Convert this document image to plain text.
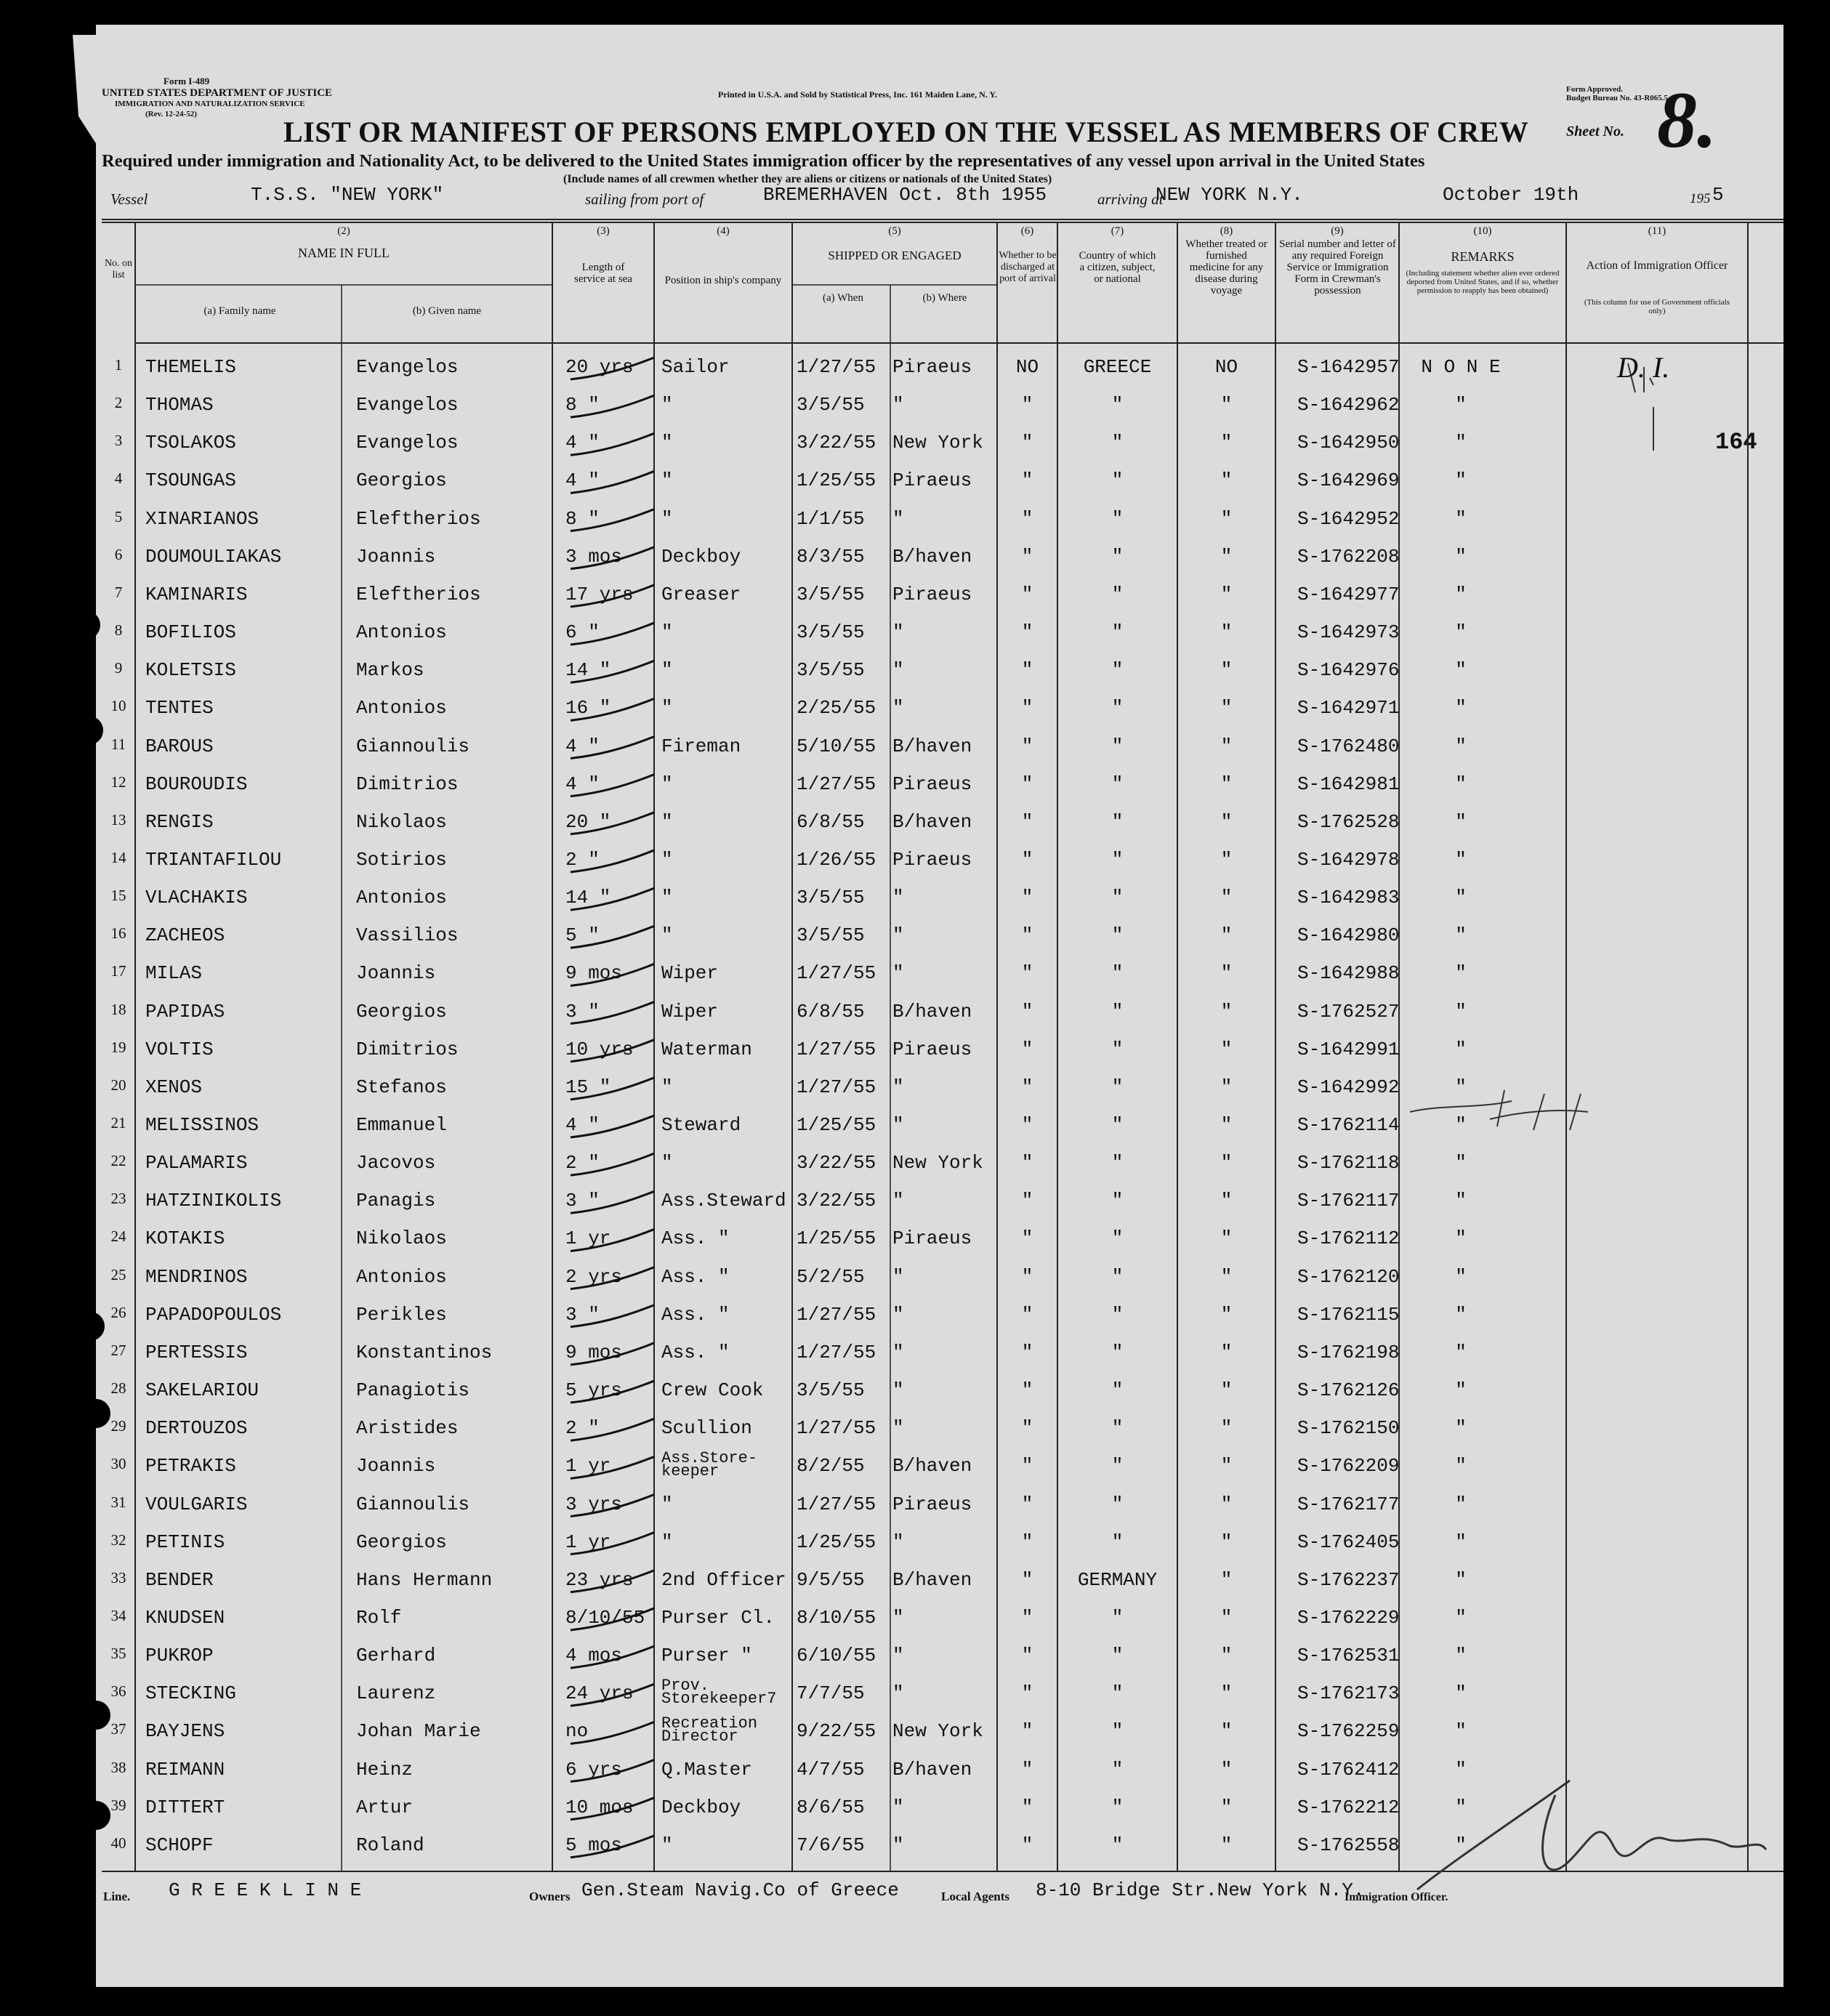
Form I-489
UNITED STATES DEPARTMENT OF JUSTICE
IMMIGRATION AND NATURALIZATION SERVICE
(Rev. 12-24-52)
Printed in U.S.A. and Sold by Statistical Press, Inc. 161 Maiden Lane, N. Y.	Form Approved.
Budget Bureau No. 43-R065.5.
Sheet No. 8.
LIST OR MANIFEST OF PERSONS EMPLOYED ON THE VESSEL AS MEMBERS OF CREW
Required under immigration and Nationality Act, to be delivered to the United States immigration officer by the representatives of any vessel upon arrival in the United States
(Include names of all crewmen whether they are aliens or citizens or nationals of the United States)
Vessel	T.S.S. "NEW YORK"	sailing from port of	BREMERHAVEN Oct. 8th 1955	arriving at
NEW YORK N.Y.	October 19th	195 5
164
No. on list
(2)
NAME IN FULL
(a) Family name	(b) Given name
(3)
Length of service at sea
(4)
Position in ship's company
(5)
SHIPPED OR ENGAGED
(a) When	(b) Where
(6)
Whether to be discharged at port of arrival
(7)
Country of which a citizen, subject, or national
(8)
Whether treated or furnished medicine for any disease during voyage
(9)
Serial number and letter of any required Foreign Service or Immigration Form in Crewman's possession
(10)
REMARKS
(Including statement whether alien ever ordered deported from United States, and if so, whether permission to reapply has been obtained)
(11)
Action of Immigration Officer
(This column for use of Government officials only)
1	THEMELIS	Evangelos	20 yrs Sailor	1/27/55 Piraeus	NO	GREECE	NO	S-1642957	N O N E	D. I.
2	THOMAS	Evangelos	8 "	"	3/5/55 "	"	"	"	S-1642962	"
3	TSOLAKOS	Evangelos	4 "	"	3/22/55 New York	"	"	"	S-1642950	"
4	TSOUNGAS	Georgios	4 "	"	1/25/55 Piraeus	"	"	"	S-1642969	"
5	XINARIANOS	Eleftherios	8 "	"	1/1/55 "	"	"	"	S-1642952	"
6	DOUMOULIAKAS	Joannis	3 mos Deckboy	8/3/55 B/haven	"	"	"	S-1762208	"
7	KAMINARIS	Eleftherios	17 yrs Greaser	3/5/55 Piraeus	"	"	"	S-1642977	"
8	BOFILIOS	Antonios	6 "	"	3/5/55 "	"	"	"	S-1642973	"
9	KOLETSIS	Markos	14 "	"	3/5/55 "	"	"	"	S-1642976	"
10	TENTES	Antonios	16 "	"	2/25/55 "	"	"	"	S-1642971	"
11	BAROUS	Giannoulis	4 "	Fireman	5/10/55 B/haven	"	"	"	S-1762480	"
12	BOUROUDIS	Dimitrios	4 "	"	1/27/55 Piraeus	"	"	"	S-1642981	"
13	RENGIS	Nikolaos	20 "	"	6/8/55 B/haven	"	"	"	S-1762528	"
14	TRIANTAFILOU	Sotirios	2 "	"	1/26/55 Piraeus	"	"	"	S-1642978	"
15	VLACHAKIS	Antonios	14 "	"	3/5/55 "	"	"	"	S-1642983	"
16	ZACHEOS	Vassilios	5 "	"	3/5/55 "	"	"	"	S-1642980	"
17	MILAS	Joannis	9 mos Wiper	1/27/55 "	"	"	"	S-1642988	"
18	PAPIDAS	Georgios	3 "	Wiper	6/8/55 B/haven	"	"	"	S-1762527	"
19	VOLTIS	Dimitrios	10 yrs Waterman 1/27/55 Piraeus	"	"	"	S-1642991	"
20	XENOS	Stefanos	15 "	"	1/27/55 "	"	"	"	S-1642992	"
21	MELISSINOS	Emmanuel	4 "	Steward	1/25/55 "	"	"	"	S-1762114	"
22	PALAMARIS	Jacovos	2 "	"	3/22/55 New York	"	"	"	S-1762118	"
23	HATZINIKOLIS	Panagis	3 "	Ass.Steward 3/22/55 "	"	"	"	S-1762117	"
24	KOTAKIS	Nikolaos	1 yr	Ass. "	1/25/55 Piraeus	"	"	"	S-1762112	"
25	MENDRINOS	Antonios	2 yrs Ass. "	5/2/55 "	"	"	"	S-1762120	"
26	PAPADOPOULOS	Perikles	3 "	Ass. "	1/27/55 "	"	"	"	S-1762115	"
27	PERTESSIS	Konstantinos	9 mos Ass. "	1/27/55 "	"	"	"	S-1762198	"
28	SAKELARIOU	Panagiotis	5 yrs Crew Cook 3/5/55 "	"	"	"	S-1762126	"
29	DERTOUZOS	Aristides	2 "	Scullion 1/27/55 "	"	"	"	S-1762150	"
30	PETRAKIS	Joannis	1 yr	Ass.Store-keeper	8/2/55 B/haven	"	"	"	S-1762209	"
31	VOULGARIS	Giannoulis	3 yrs "	1/27/55 Piraeus	"	"	"	S-1762177	"
32	PETINIS	Georgios	1 yr	"	1/25/55 "	"	"	"	S-1762405	"
33	BENDER	Hans Hermann	23 yrs 2nd Officer 9/5/55 B/haven	"	GERMANY	"	S-1762237	"
34	KNUDSEN	Rolf	8/10/55 Purser Cl. 8/10/55 "	"	"	"	S-1762229	"
35	PUKROP	Gerhard	4 mos Purser " 6/10/55 "	"	"	"	S-1762531	"
36	STECKING	Laurenz	24 yrs Prov. Storekeeper7	7/7/55 "	"	"	"	S-1762173	"
37	BAYJENS	Johan Marie	no	Recreation Director	9/22/55 New York	"	"	"	S-1762259	"
38	REIMANN	Heinz	6 yrs Q.Master 4/7/55 B/haven	"	"	"	S-1762412	"
39	DITTERT	Artur	10 mos Deckboy	8/6/55 "	"	"	"	S-1762212	"
40	SCHOPF	Roland	5 mos "	7/6/55 "	"	"	"	S-1762558	"
Line. G R E E K L I N E	Owners Gen.Steam Navig.Co of Greece	Local Agents 8-10 Bridge Str.New York N.Y.
Immigration Officer.
